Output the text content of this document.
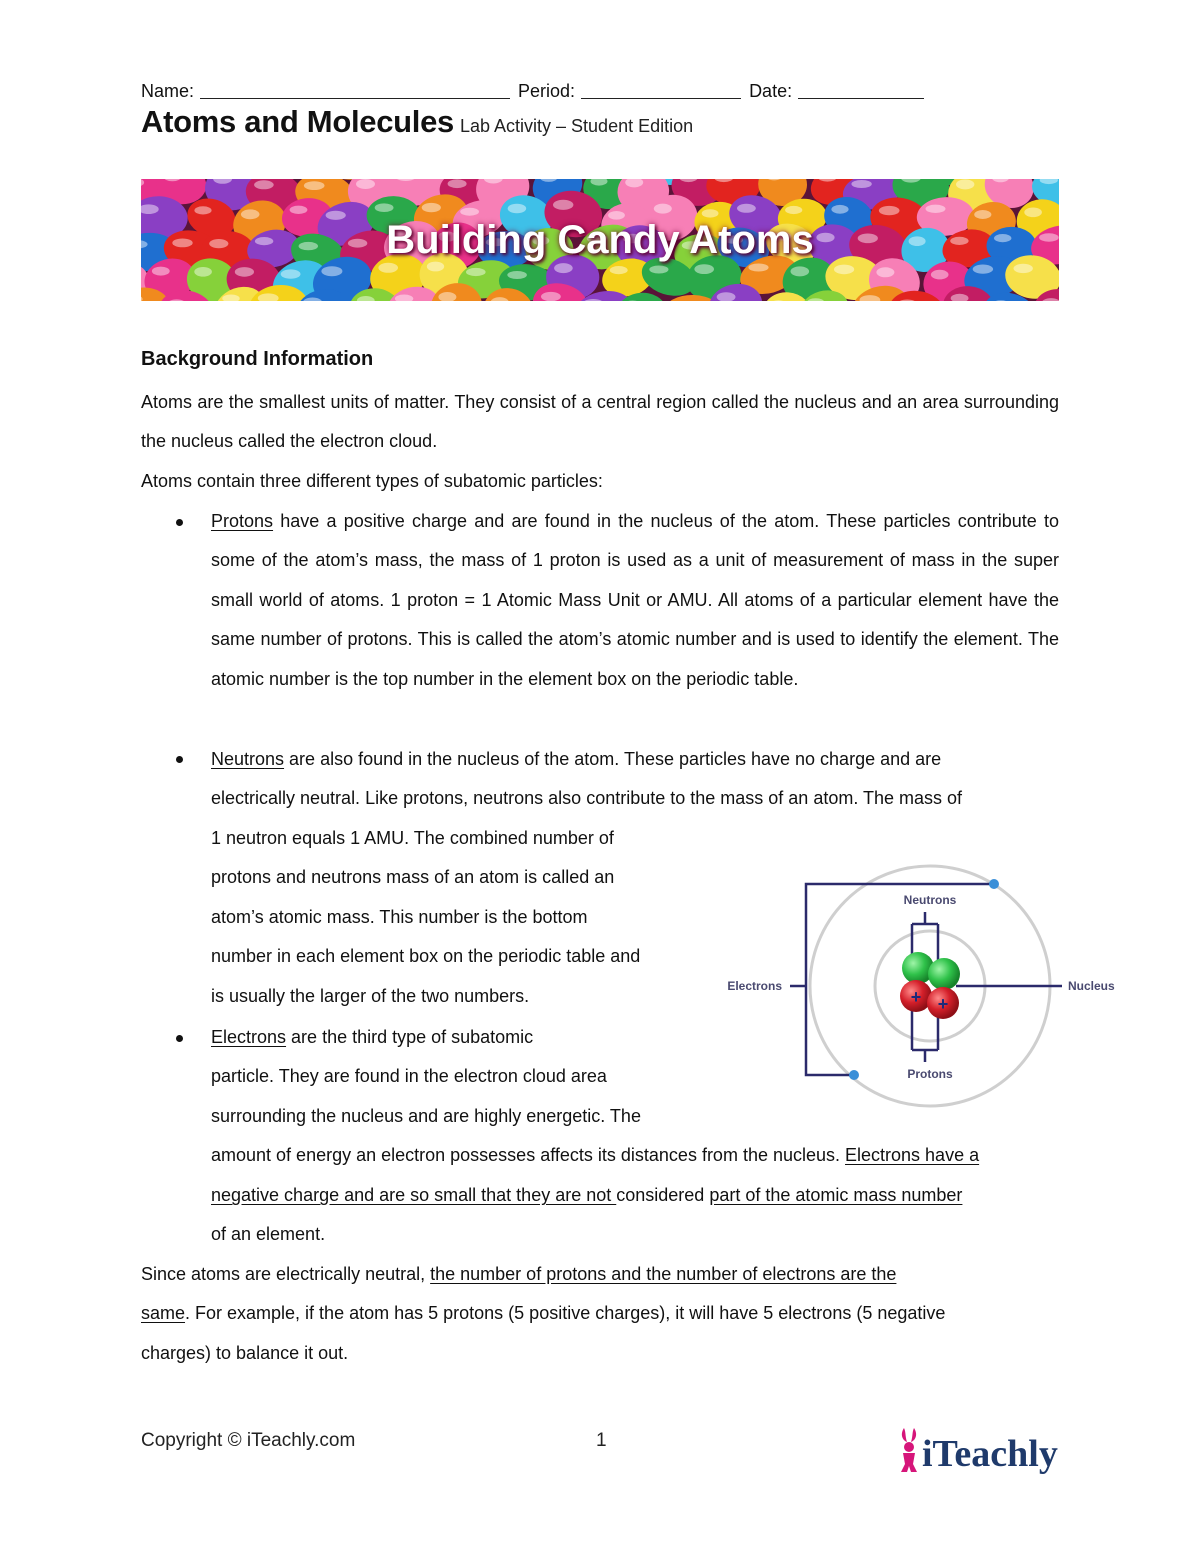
Name:	Period:	Date:
Atoms and Molecules Lab Activity – Student Edition
Building Candy Atoms
Background Information
Atoms are the smallest units of matter. They consist of a central region called the nucleus and an area surrounding the nucleus called the electron cloud.
Atoms contain three different types of subatomic particles:
Protons have a positive charge and are found in the nucleus of the atom. These particles contribute to some of the atom’s mass, the mass of 1 proton is used as a unit of measurement of mass in the super small world of atoms. 1 proton = 1 Atomic Mass Unit or AMU. All atoms of a particular element have the same number of protons. This is called the atom’s atomic number and is used to identify the element. The atomic number is the top number in the element box on the periodic table.
Neutrons are also found in the nucleus of the atom. These particles have no charge and are
electrically neutral. Like protons, neutrons also contribute to the mass of an atom. The mass of
1 neutron equals 1 AMU. The combined number of
protons and neutrons mass of an atom is called an
atom’s atomic mass. This number is the bottom
number in each element box on the periodic table and
is usually the larger of the two numbers.
Electrons are the third type of subatomic
particle. They are found in the electron cloud area
surrounding the nucleus and are highly energetic. The
amount of energy an electron possesses affects its distances from the nucleus. Electrons have a
negative charge and are so small that they are not considered part of the atomic mass number
of an element.
Since atoms are electrically neutral, the number of protons and the number of electrons are the
same. For example, if the atom has 5 protons (5 positive charges), it will have 5 electrons (5 negative
charges) to balance it out.
+ +
Neutrons
Protons
Electrons	Nucleus
Copyright © iTeachly.com	1	iTeachly
